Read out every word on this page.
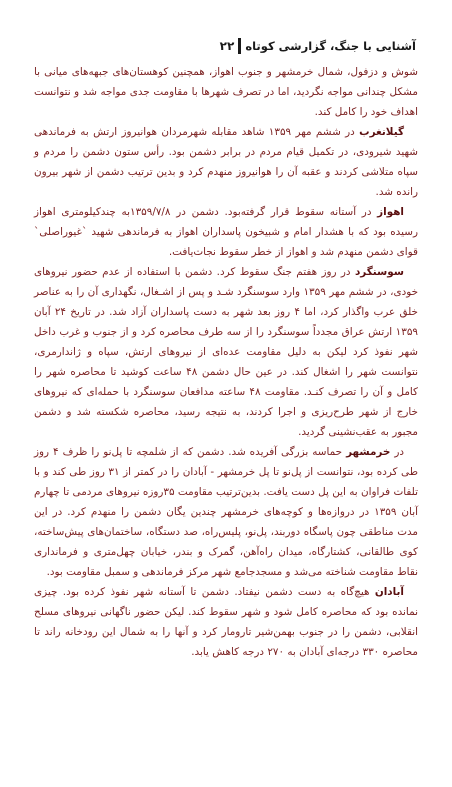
۲۲ آشنایی با جنگ، گزارشی کوتاه

شوش و دزفول، شمال خرمشهر و جنوب اهواز، همچنین کوهستان‌های جبهه‌های میانی با مشکل چندانی مواجه نگردید، اما در تصرف شهرها با مقاومت جدی مواجه شد و نتوانست اهداف خود را کامل کند.

گیلانغرب در ششم مهر ۱۳۵۹ شاهد مقابله شهرمردان هوانیروز ارتش به فرماندهی شهید شیرودی، در تکمیل قیام مردم در برابر دشمن بود. رأس ستون دشمن را مردم و سپاه متلاشی کردند و عقبه آن را هوانیروز منهدم کرد و بدین ترتیب دشمن از شهر بیرون رانده شد.

اهواز در آستانه سقوط قرار گرفته‌بود. دشمن در ۱۳۵۹/۷/۸به چندکیلومتری اهواز رسیده بود که با هشدار امام و شبیخون پاسداران اهواز به فرماندهی شهید `غیوراصلی` قوای دشمن منهدم شد و اهواز از خطر سقوط نجات‌یافت.

سوسنگرد در روز هفتم جنگ سقوط کرد. دشمن با استفاده از عدم حضور نیروهای خودی، در ششم مهر ۱۳۵۹ وارد سوسنگرد شـد و پس از اشـغال، نگهداری آن را به عناصر خلق عرب واگذار کرد، اما ۴ روز بعد شهر به دست پاسداران آزاد شد. در تاریخ ۲۴ آبان ۱۳۵۹ ارتش عراق مجدداً سوسنگرد را از سه طرف محاصره کرد و از جنوب و غرب داخل شهر نفوذ کرد لیکن به دلیل مقاومت عده‌ای از نیروهای ارتش، سپاه و ژاندارمری، نتوانست شهر را اشغال کند. در عین حال دشمن ۴۸ ساعت کوشید تا محاصره شهر را کامل و آن را تصرف کنـد. مقاومت ۴۸ ساعته مدافعان سوسنگرد با حمله‌ای که نیروهای خارج از شهر طرح‌ریزی و اجرا کردند، به نتیجه رسید، محاصره شکسته شد و دشمن مجبور به عقب‌نشینی گردید.

در خرمشهر حماسه بزرگی آفریده شد. دشمن که از شلمچه تا پل‌نو را ظرف ۴ روز طی کرده بود، نتوانست از پل‌نو تا پل خرمشهر - آبادان را در کمتر از ۳۱ روز طی کند و با تلفات فراوان به این پل دست یافت. بدین‌ترتیب مقاومت ۳۵روزه نیروهای مردمی تا چهارم آبان ۱۳۵۹ در دروازه‌ها و کوچه‌های خرمشهر چندین یگان دشمن را منهدم کرد. در این مدت مناطقی چون پاسگاه دوربند، پل‌نو، پلیس‌راه، صد دستگاه، ساختمان‌های پیش‌ساخته، کوی طالقانی، کشتارگاه، میدان راه‌آهن، گمرک و بندر، خیابان چهل‌متری و فرمانداری نقاط مقاومت شناخته می‌شد و مسجدجامع شهر مرکز فرماندهی و سمبل مقاومت بود.

آبادان هیچ‌گاه به دست دشمن نیفتاد. دشمن تا آستانه شهر نفوذ کرده بود. چیزی نمانده بود که محاصره کامل شود و شهر سقوط کند. لیکن حضور ناگهانی نیروهای مسلح انقلابی، دشمن را در جنوب بهمن‌شیر تارومار کرد و آنها را به شمال این رودخانه راند تا محاصره ۳۳۰ درجه‌ای آبادان به ۲۷۰ درجه کاهش یابد.
